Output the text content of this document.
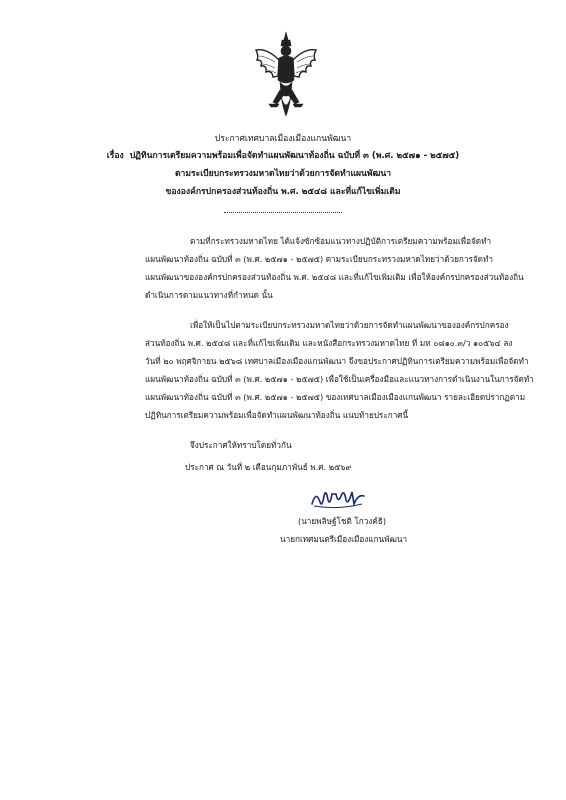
ประกาศเทศบาลเมืองเมืองแกนพัฒนา
เรื่อง ปฏิทินการเตรียมความพร้อมเพื่อจัดทำแผนพัฒนาท้องถิ่น ฉบับที่ ๓ (พ.ศ. ๒๕๗๑ - ๒๕๗๕)
ตามระเบียบกระทรวงมหาดไทยว่าด้วยการจัดทำแผนพัฒนา
ขององค์กรปกครองส่วนท้องถิ่น พ.ศ. ๒๕๔๘ และที่แก้ไขเพิ่มเติม
ตามที่กระทรวงมหาดไทย ได้แจ้งซักซ้อมแนวทางปฏิบัติการเตรียมความพร้อมเพื่อจัดทำ
แผนพัฒนาท้องถิ่น ฉบับที่ ๓ (พ.ศ. ๒๕๗๑ - ๒๕๗๕) ตามระเบียบกระทรวงมหาดไทยว่าด้วยการจัดทำ
แผนพัฒนาขององค์กรปกครองส่วนท้องถิ่น พ.ศ. ๒๕๔๘ และที่แก้ไขเพิ่มเติม เพื่อให้องค์กรปกครองส่วนท้องถิ่น
ดำเนินการตามแนวทางที่กำหนด นั้น
เพื่อให้เป็นไปตามระเบียบกระทรวงมหาดไทยว่าด้วยการจัดทำแผนพัฒนาขององค์กรปกครอง
ส่วนท้องถิ่น พ.ศ. ๒๕๔๘ และที่แก้ไขเพิ่มเติม และหนังสือกระทรวงมหาดไทย ที่ มท ๐๘๑๐.๓/ว ๑๐๕๖๔ ลง
วันที่ ๒๐ พฤศจิกายน ๒๕๖๘ เทศบาลเมืองเมืองแกนพัฒนา จึงขอประกาศปฏิทินการเตรียมความพร้อมเพื่อจัดทำ
แผนพัฒนาท้องถิ่น ฉบับที่ ๓ (พ.ศ. ๒๕๗๑ - ๒๕๗๕) เพื่อใช้เป็นเครื่องมือและแนวทางการดำเนินงานในการจัดทำ
แผนพัฒนาท้องถิ่น ฉบับที่ ๓ (พ.ศ. ๒๕๗๑ - ๒๕๗๕) ของเทศบาลเมืองเมืองแกนพัฒนา รายละเอียดปรากฏตาม
ปฏิทินการเตรียมความพร้อมเพื่อจัดทำแผนพัฒนาท้องถิ่น แนบท้ายประกาศนี้
จึงประกาศให้ทราบโดยทั่วกัน
ประกาศ ณ วันที่ ๒ เดือนกุมภาพันธ์ พ.ศ. ๒๕๖๙
(นายพลิษฐ์โชติ โกวงค์ธิ)
นายกเทศมนตรีเมืองเมืองแกนพัฒนา
